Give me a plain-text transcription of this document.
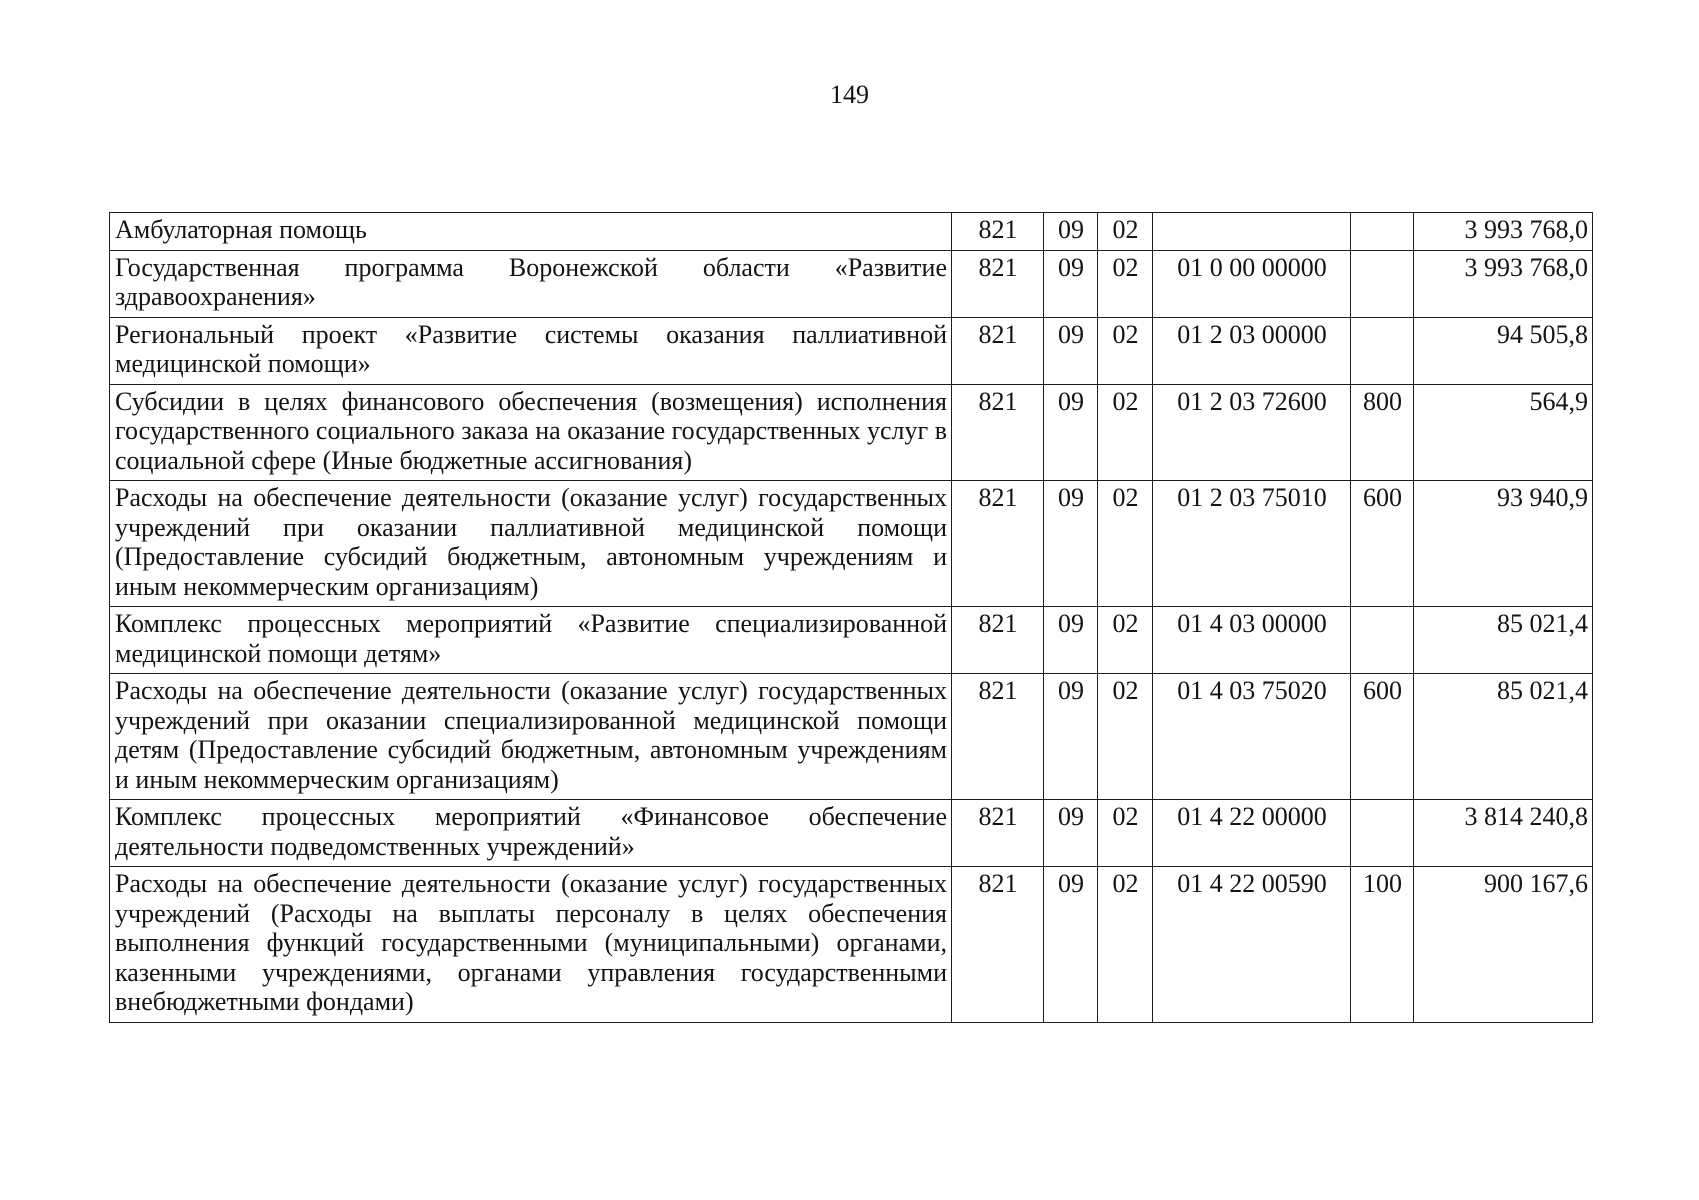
149
Амбулаторная помощь	821	09	02			3 993 768,0
Государственная программа Воронежской области «Развитие здравоохранения»	821	09	02	01 0 00 00000		3 993 768,0
Региональный проект «Развитие системы оказания паллиативной медицинской помощи»	821	09	02	01 2 03 00000		94 505,8
Субсидии в целях финансового обеспечения (возмещения) исполнения государственного социального заказа на оказание государственных услуг в социальной сфере (Иные бюджетные ассигнования)	821	09	02	01 2 03 72600	800	564,9
Расходы на обеспечение деятельности (оказание услуг) государственных учреждений при оказании паллиативной медицинской помощи (Предоставление субсидий бюджетным, автономным учреждениям и иным некоммерческим организациям)	821	09	02	01 2 03 75010	600	93 940,9
Комплекс процессных мероприятий «Развитие специализированной медицинской помощи детям»	821	09	02	01 4 03 00000		85 021,4
Расходы на обеспечение деятельности (оказание услуг) государственных учреждений при оказании специализированной медицинской помощи детям (Предоставление субсидий бюджетным, автономным учреждениям и иным некоммерческим организациям)	821	09	02	01 4 03 75020	600	85 021,4
Комплекс процессных мероприятий «Финансовое обеспечение деятельности подведомственных учреждений»	821	09	02	01 4 22 00000		3 814 240,8
Расходы на обеспечение деятельности (оказание услуг) государственных учреждений (Расходы на выплаты персоналу в целях обеспечения выполнения функций государственными (муниципальными) органами, казенными учреждениями, органами управления государственными внебюджетными фондами)	821	09	02	01 4 22 00590	100	900 167,6
